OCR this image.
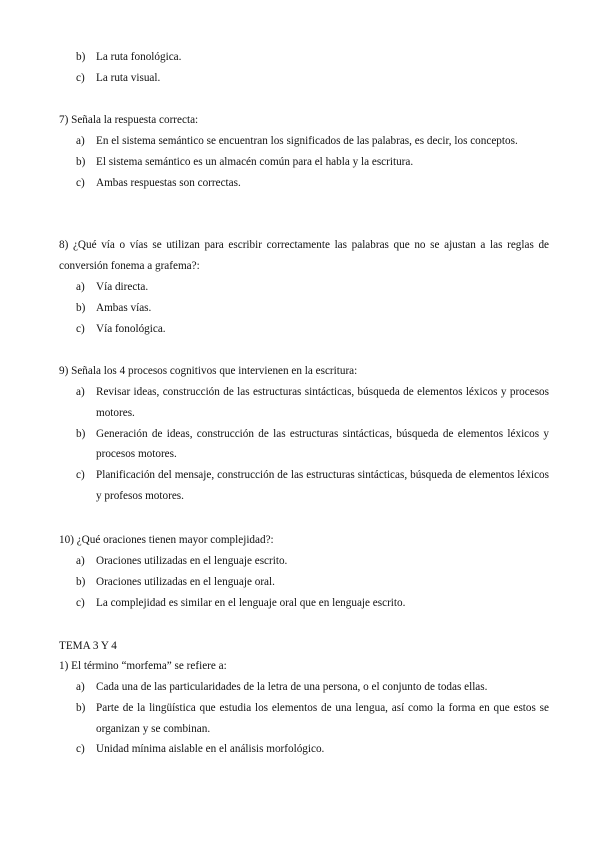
b) La ruta fonológica.
c) La ruta visual.

7) Señala la respuesta correcta:

a) En el sistema semántico se encuentran los significados de las palabras, es decir, los conceptos.
b) El sistema semántico es un almacén común para el habla y la escritura.
c) Ambas respuestas son correctas.

8) ¿Qué vía o vías se utilizan para escribir correctamente las palabras que no se ajustan a las reglas de conversión fonema a grafema?:

a) Vía directa.
b) Ambas vías.
c) Vía fonológica.

9) Señala los 4 procesos cognitivos que intervienen en la escritura:

a) Revisar ideas, construcción de las estructuras sintácticas, búsqueda de elementos léxicos y procesos motores.
b) Generación de ideas, construcción de las estructuras sintácticas, búsqueda de elementos léxicos y procesos motores.
c) Planificación del mensaje, construcción de las estructuras sintácticas, búsqueda de elementos léxicos y profesos motores.

10) ¿Qué oraciones tienen mayor complejidad?:

a) Oraciones utilizadas en el lenguaje escrito.
b) Oraciones utilizadas en el lenguaje oral.
c) La complejidad es similar en el lenguaje oral que en lenguaje escrito.

TEMA 3 Y 4

1) El término “morfema” se refiere a:

a) Cada una de las particularidades de la letra de una persona, o el conjunto de todas ellas.
b) Parte de la lingüística que estudia los elementos de una lengua, así como la forma en que estos se organizan y se combinan.
c) Unidad mínima aislable en el análisis morfológico.
